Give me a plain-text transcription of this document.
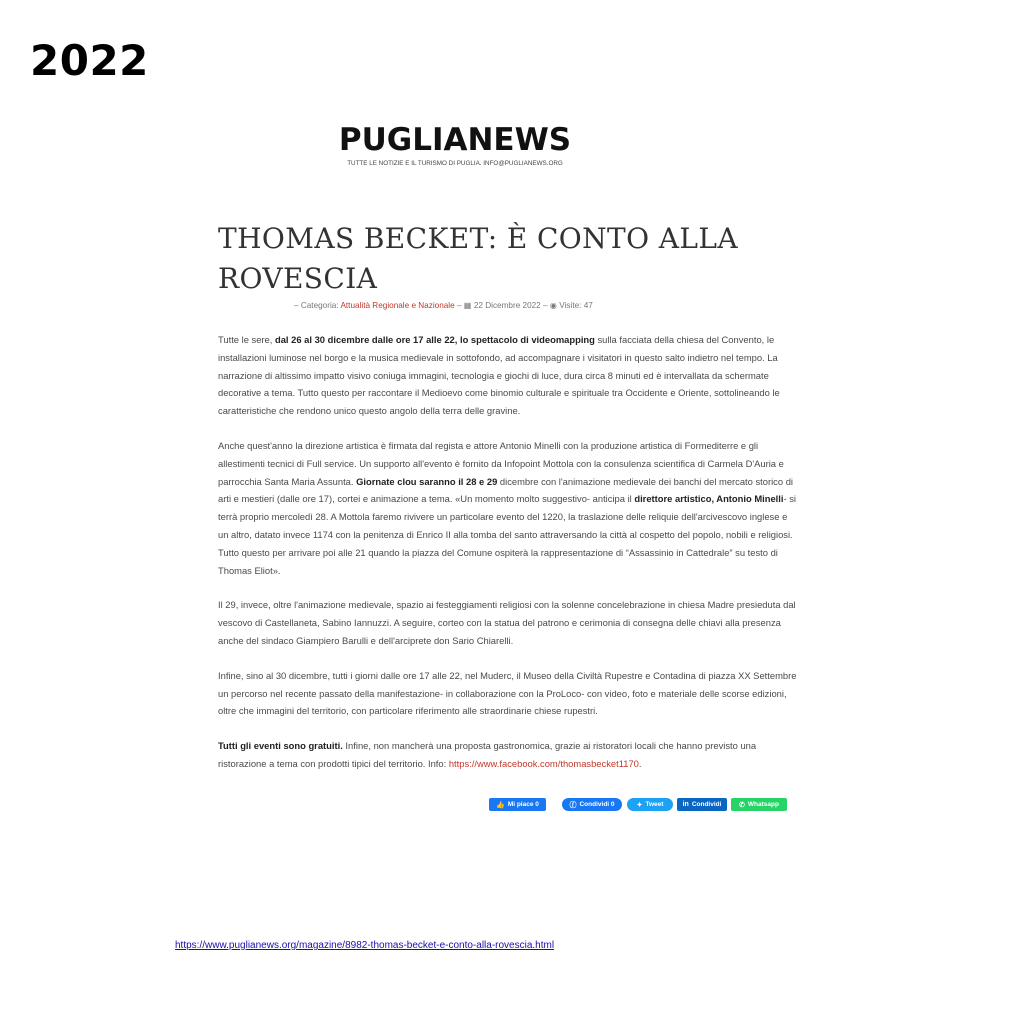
2022
PUGLIANEWS
TUTTE LE NOTIZIE E IL TURISMO DI PUGLIA. INFO@PUGLIANEWS.ORG
THOMAS BECKET: È CONTO ALLA ROVESCIA
– Categoria: Attualità Regionale e Nazionale – ▦ 22 Dicembre 2022 – ◉ Visite: 47

Tutte le sere, dal 26 al 30 dicembre dalle ore 17 alle 22, lo spettacolo di videomapping sulla facciata della chiesa del Convento, le installazioni luminose nel borgo e la musica medievale in sottofondo, ad accompagnare i visitatori in questo salto indietro nel tempo. La narrazione di altissimo impatto visivo coniuga immagini, tecnologia e giochi di luce, dura circa 8 minuti ed è intervallata da schermate decorative a tema. Tutto questo per raccontare il Medioevo come binomio culturale e spirituale tra Occidente e Oriente, sottolineando le caratteristiche che rendono unico questo angolo della terra delle gravine.

Anche quest'anno la direzione artistica è firmata dal regista e attore Antonio Minelli con la produzione artistica di Formediterre e gli allestimenti tecnici di Full service. Un supporto all'evento è fornito da Infopoint Mottola con la consulenza scientifica di Carmela D'Auria e parrocchia Santa Maria Assunta. Giornate clou saranno il 28 e 29 dicembre con l'animazione medievale dei banchi del mercato storico di arti e mestieri (dalle ore 17), cortei e animazione a tema. «Un momento molto suggestivo- anticipa il direttore artistico, Antonio Minelli- si terrà proprio mercoledì 28. A Mottola faremo rivivere un particolare evento del 1220, la traslazione delle reliquie dell'arcivescovo inglese e un altro, datato invece 1174 con la penitenza di Enrico II alla tomba del santo attraversando la città al cospetto del popolo, nobili e religiosi. Tutto questo per arrivare poi alle 21 quando la piazza del Comune ospiterà la rappresentazione di “Assassinio in Cattedrale” su testo di Thomas Eliot».

Il 29, invece, oltre l'animazione medievale, spazio ai festeggiamenti religiosi con la solenne concelebrazione in chiesa Madre presieduta dal vescovo di Castellaneta, Sabino Iannuzzi. A seguire, corteo con la statua del patrono e cerimonia di consegna delle chiavi alla presenza anche del sindaco Giampiero Barulli e dell'arciprete don Sario Chiarelli.

Infine, sino al 30 dicembre, tutti i giorni dalle ore 17 alle 22, nel Muderc, il Museo della Civiltà Rupestre e Contadina di piazza XX Settembre un percorso nel recente passato della manifestazione- in collaborazione con la ProLoco- con video, foto e materiale delle scorse edizioni, oltre che immagini del territorio, con particolare riferimento alle straordinarie chiese rupestri.

Tutti gli eventi sono gratuiti. Infine, non mancherà una proposta gastronomica, grazie ai ristoratori locali che hanno previsto una ristorazione a tema con prodotti tipici del territorio. Info: https://www.facebook.com/thomasbecket1170.

👍 Mi piace 0	ⓕ Condividi 0	✦ Tweet	in Condividi	✆ Whatsapp
https://www.puglianews.org/magazine/8982-thomas-becket-e-conto-alla-rovescia.html
